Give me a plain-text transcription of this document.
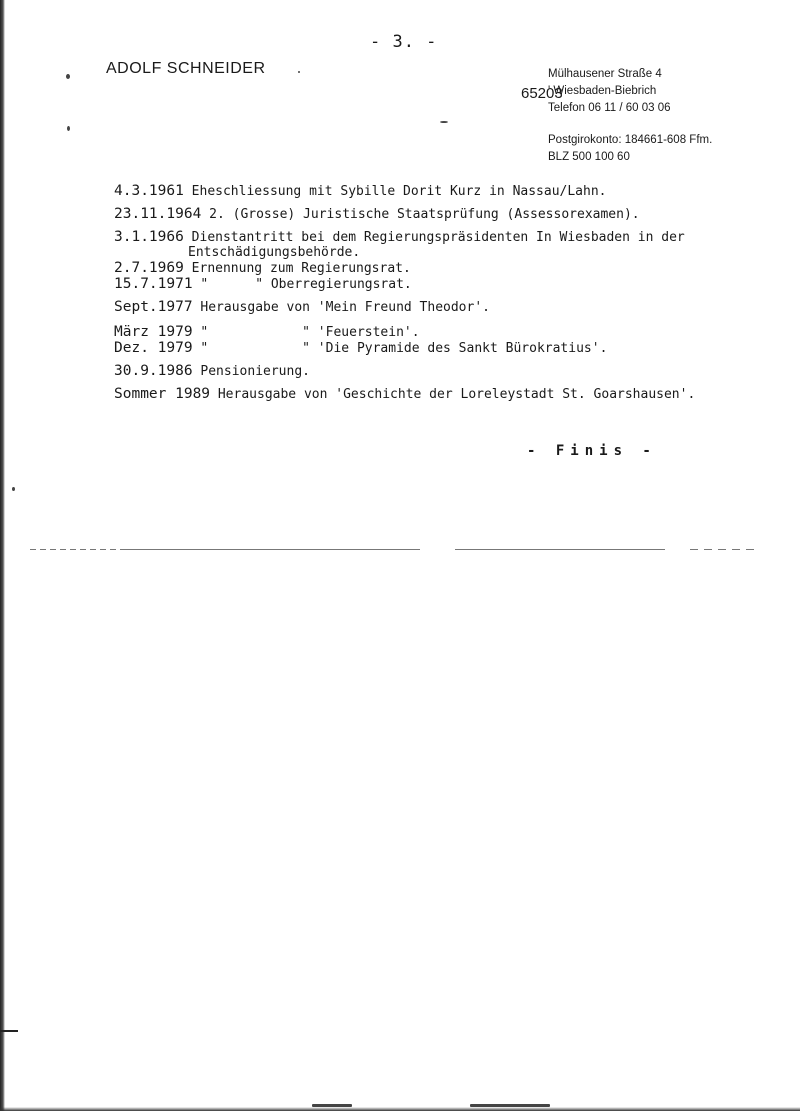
- 3. -
ADOLF SCHNEIDER	Mülhausener Straße 4
' Wiesbaden-Biebrich
Telefon 06 11 / 60 03 06
65203
Postgirokonto: 184661-608 Ffm.
BLZ 500 100 60
4.3.1961 Eheschliessung mit Sybille Dorit Kurz in Nassau/Lahn.
23.11.1964 2. (Grosse) Juristische Staatsprüfung (Assessorexamen).
3.1.1966 Dienstantritt bei dem Regierungspräsidenten In Wiesbaden in der
Entschädigungsbehörde.
2.7.1969 Ernennung zum Regierungsrat.
15.7.1971 "      " Oberregierungsrat.
Sept.1977 Herausgabe von 'Mein Freund Theodor'.
März 1979 "            " 'Feuerstein'.
Dez. 1979 "            " 'Die Pyramide des Sankt Bürokratius'.
30.9.1986 Pensionierung.
Sommer 1989 Herausgabe von 'Geschichte der Loreleystadt St. Goarshausen'.
- Finis -
